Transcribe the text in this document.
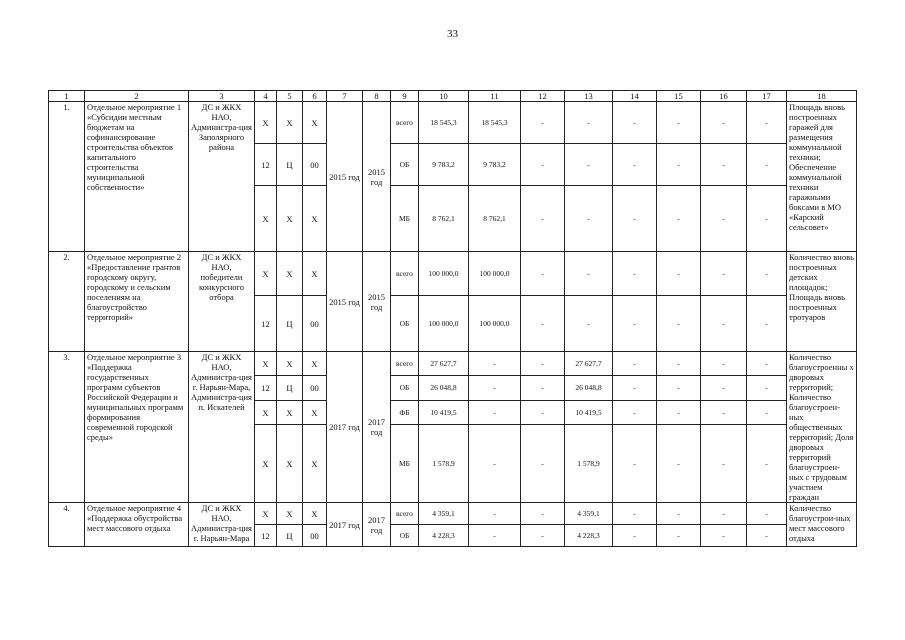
33
1	2	3	4	5	6	7	8	9	10	11	12	13	14	15	16	17	18
1.	Отдельное мероприятие 1 «Субсидии местным бюджетам на софинансирование строительства объектов капитального строительства муниципальной собственности»	ДС и ЖКХ НАО, Администра-ция Заполярного района	Х	Х	Х	2015 год	2015 год	всего	18 545,3	18 545,3	-	-	-	-	-	-	Площадь вновь построенных гаражей для размещения коммунальной техники; Обеспечение коммунальной техники гаражными боксами в МО «Карский сельсовет»
			12	Ц	00			ОБ	9 783,2	9 783,2	-	-	-	-	-	-	
			Х	Х	Х			МБ	8 762,1	8 762,1	-	-	-	-	-	-	
2.	Отдельное мероприятие 2 «Предоставление грантов городскому округу, городскому и сельским поселениям на благоустройство территорий»	ДС и ЖКХ НАО, победители конкурсного отбора	Х	Х	Х	2015 год	2015 год	всего	100 000,0	100 000,0	-	-	-	-	-	-	Количество вновь построенных детских площадок; Площадь вновь построенных тротуаров
			12	Ц	00			ОБ	100 000,0	100 000,0	-	-	-	-	-	-	
3.	Отдельное мероприятие 3 «Поддержка государственных программ субъектов Российской Федерации и муниципальных программ формирования современной городской среды»	ДС и ЖКХ НАО, Администра-ция г. Нарьян-Мара, Администра-ция п. Искателей	Х	Х	Х	2017 год	2017 год	всего	27 627,7	-	-	27 627,7	-	-	-	-	Количество благоустроенны х дворовых территорий; Количество благоустроен-ных общественных территорий; Доля дворовых территорий благоустроен-ных с трудовым участием граждан
			12	Ц	00			ОБ	26 048,8	-	-	26 048,8	-	-	-	-	
			Х	Х	Х			ФБ	10 419,5	-	-	10 419,5	-	-	-	-	
			Х	Х	Х			МБ	1 578,9	-	-	1 578,9	-	-	-	-	
4.	Отдельное мероприятие 4 «Поддержка обустройства мест массового отдыха	ДС и ЖКХ НАО, Администра-ция г. Нарьян-Мара	Х	Х	Х	2017 год	2017 год	всего	4 359,1	-	-	4 359,1	-	-	-	-	Количество благоустрои-ных мест массового отдыха
			12	Ц	00			ОБ	4 228,3	-	-	4 228,3	-	-	-	-	
